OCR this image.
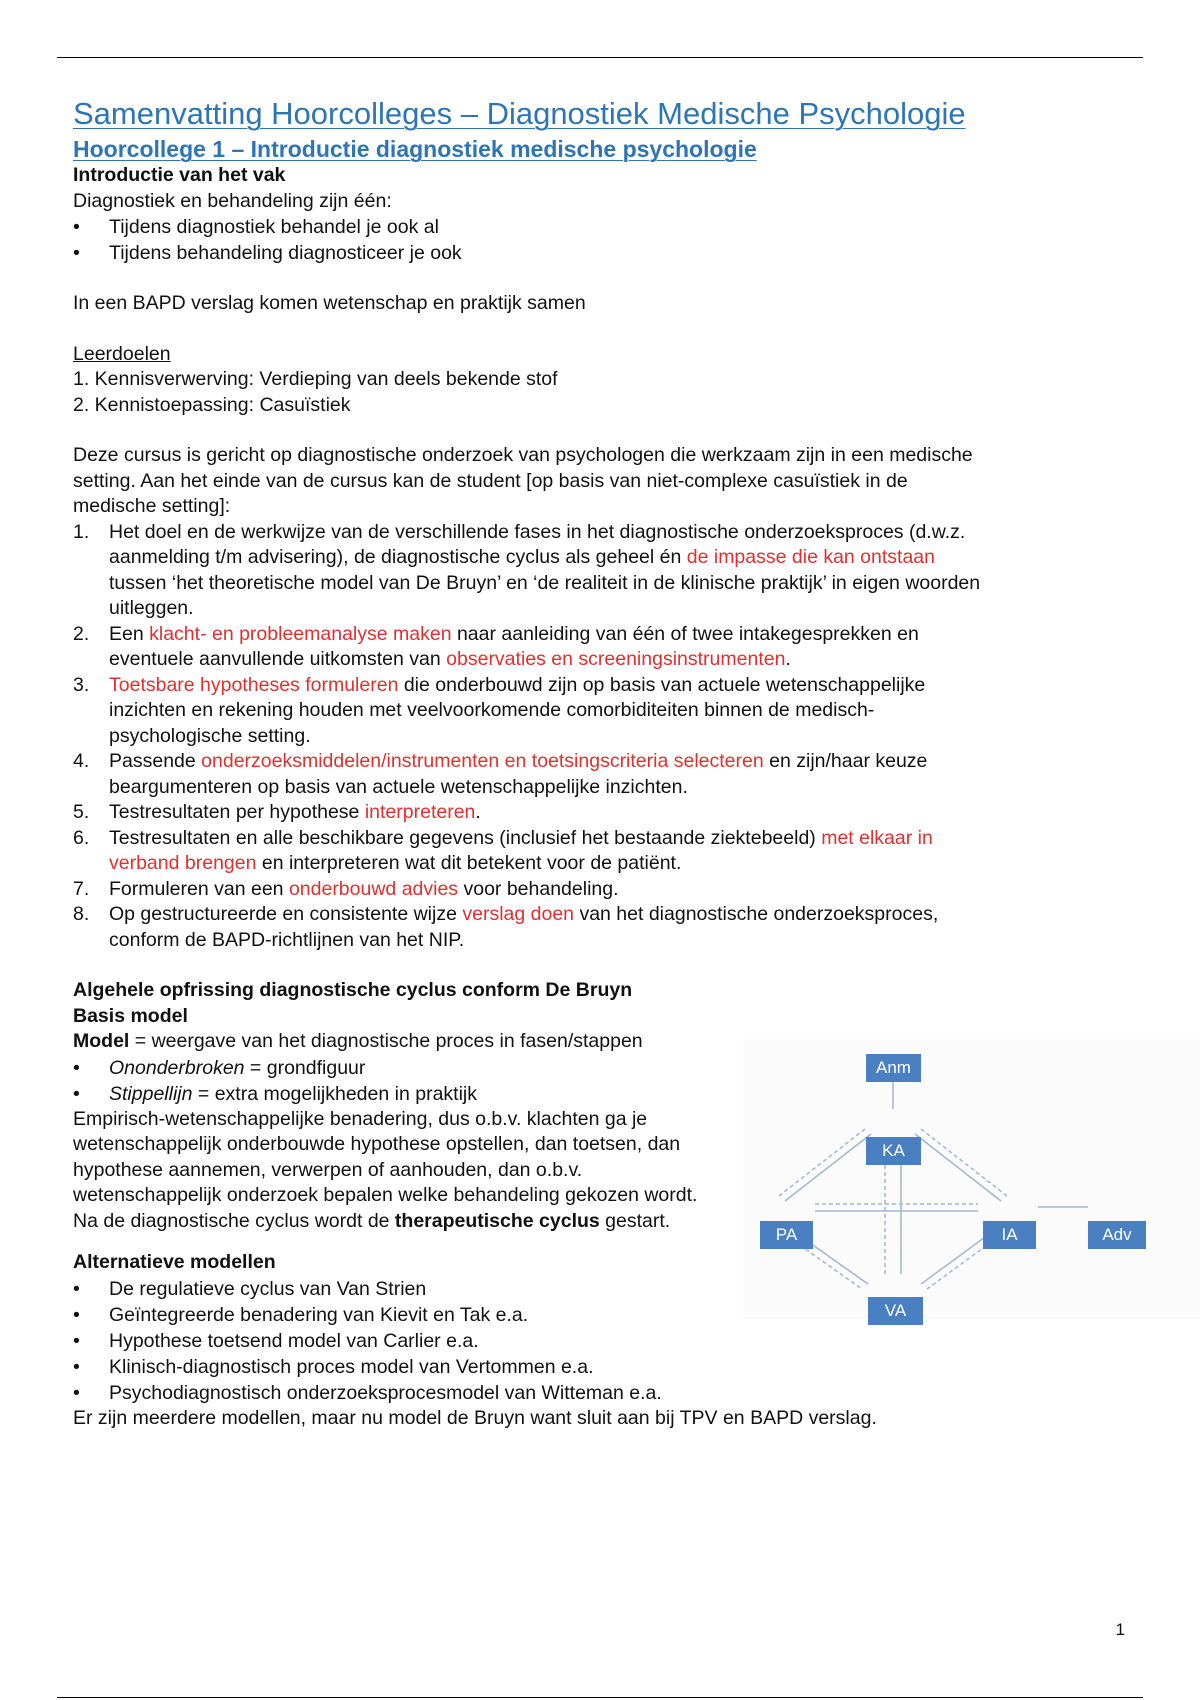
Samenvatting Hoorcolleges – Diagnostiek Medische Psychologie
Hoorcollege 1 – Introductie diagnostiek medische psychologie

Introductie van het vak

Diagnostiek en behandeling zijn één:

• Tijdens diagnostiek behandel je ook al
• Tijdens behandeling diagnosticeer je ook

In een BAPD verslag komen wetenschap en praktijk samen

Leerdoelen

1. Kennisverwerving: Verdieping van deels bekende stof

2. Kennistoepassing: Casuïstiek

Deze cursus is gericht op diagnostische onderzoek van psychologen die werkzaam zijn in een medische setting. Aan het einde van de cursus kan de student [op basis van niet-complexe casuïstiek in de medische setting]:

1. Het doel en de werkwijze van de verschillende fases in het diagnostische onderzoeksproces (d.w.z. aanmelding t/m advisering), de diagnostische cyclus als geheel én de impasse die kan ontstaan tussen ‘het theoretische model van De Bruyn’ en ‘de realiteit in de klinische praktijk’ in eigen woorden uitleggen.
2. Een klacht- en probleemanalyse maken naar aanleiding van één of twee intakegesprekken en eventuele aanvullende uitkomsten van observaties en screeningsinstrumenten.
3. Toetsbare hypotheses formuleren die onderbouwd zijn op basis van actuele wetenschappelijke inzichten en rekening houden met veelvoorkomende comorbiditeiten binnen de medisch-psychologische setting.
4. Passende onderzoeksmiddelen/instrumenten en toetsingscriteria selecteren en zijn/haar keuze beargumenteren op basis van actuele wetenschappelijke inzichten.
5. Testresultaten per hypothese interpreteren.
6. Testresultaten en alle beschikbare gegevens (inclusief het bestaande ziektebeeld) met elkaar in verband brengen en interpreteren wat dit betekent voor de patiënt.
7. Formuleren van een onderbouwd advies voor behandeling.
8. Op gestructureerde en consistente wijze verslag doen van het diagnostische onderzoeksproces, conform de BAPD-richtlijnen van het NIP.

Algehele opfrissing diagnostische cyclus conform De Bruyn

Basis model

Model = weergave van het diagnostische proces in fasen/stappen

• Ononderbroken = grondfiguur
• Stippellijn = extra mogelijkheden in praktijk

Empirisch-wetenschappelijke benadering, dus o.b.v. klachten ga je wetenschappelijk onderbouwde hypothese opstellen, dan toetsen, dan hypothese aannemen, verwerpen of aanhouden, dan o.b.v. wetenschappelijk onderzoek bepalen welke behandeling gekozen wordt. Na de diagnostische cyclus wordt de therapeutische cyclus gestart.

Anm
KA
PA	IA	Adv
VA

Alternatieve modellen

• De regulatieve cyclus van Van Strien
• Geïntegreerde benadering van Kievit en Tak e.a.
• Hypothese toetsend model van Carlier e.a.
• Klinisch-diagnostisch proces model van Vertommen e.a.
• Psychodiagnostisch onderzoeksprocesmodel van Witteman e.a.

Er zijn meerdere modellen, maar nu model de Bruyn want sluit aan bij TPV en BAPD verslag.

1
